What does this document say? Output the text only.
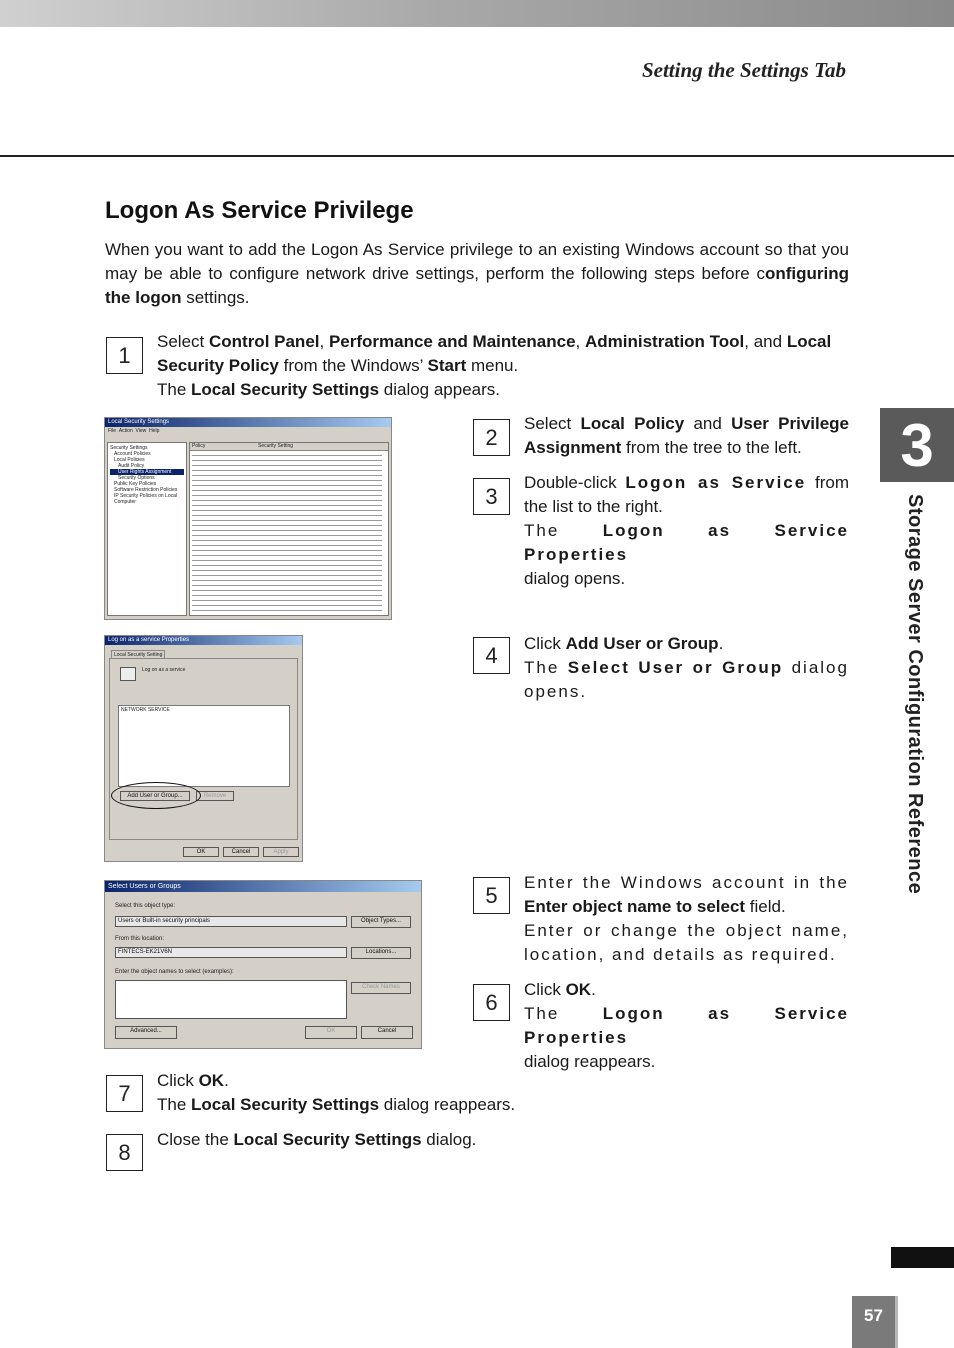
Setting the Settings Tab
Logon As Service Privilege

When you want to add the Logon As Service privilege to an existing Windows account so that you may be able to configure network drive settings, perform the following steps before configuring the logon settings.

1

Select Control Panel, Performance and Maintenance, Administration Tool, and Local Security Policy from the Windows’ Start menu.
The Local Security Settings dialog appears.

Local Security Settings
File Action View Help
Security Settings
Account Policies
Local Policies
Audit Policy
User Rights Assignment
Security Options
Public Key Policies
Software Restriction Policies
IP Security Policies on Local Computer
Policy	Security Setting	2

Select Local Policy and User Privilege Assignment from the tree to the left.

3

Double-click Logon as Service from the list to the right.
The Logon as Service Properties
dialog opens.

Log on as a service Properties
Local Security Setting
Log on as a service
NETWORK SERVICE
Add User or Group...	Remove
OK	Cancel	Apply
4	Click Add User or Group.
The Select User or Group dialog opens.

Select Users or Groups
Select this object type:
Users or Built-in security principals	Object Types...
From this location:
FINTECS-EK21V6N	Locations...
Enter the object names to select (examples):
Check Names
Advanced...	OK	Cancel
5	Enter the Windows account in the Enter object name to select field.
Enter or change the object name, location, and details as required.

6	Click OK.
The Logon as Service Properties
dialog reappears.

7	Click OK.
The Local Security Settings dialog reappears.

8	Close the Local Security Settings dialog.

3
Storage Server Configuration Reference
57
